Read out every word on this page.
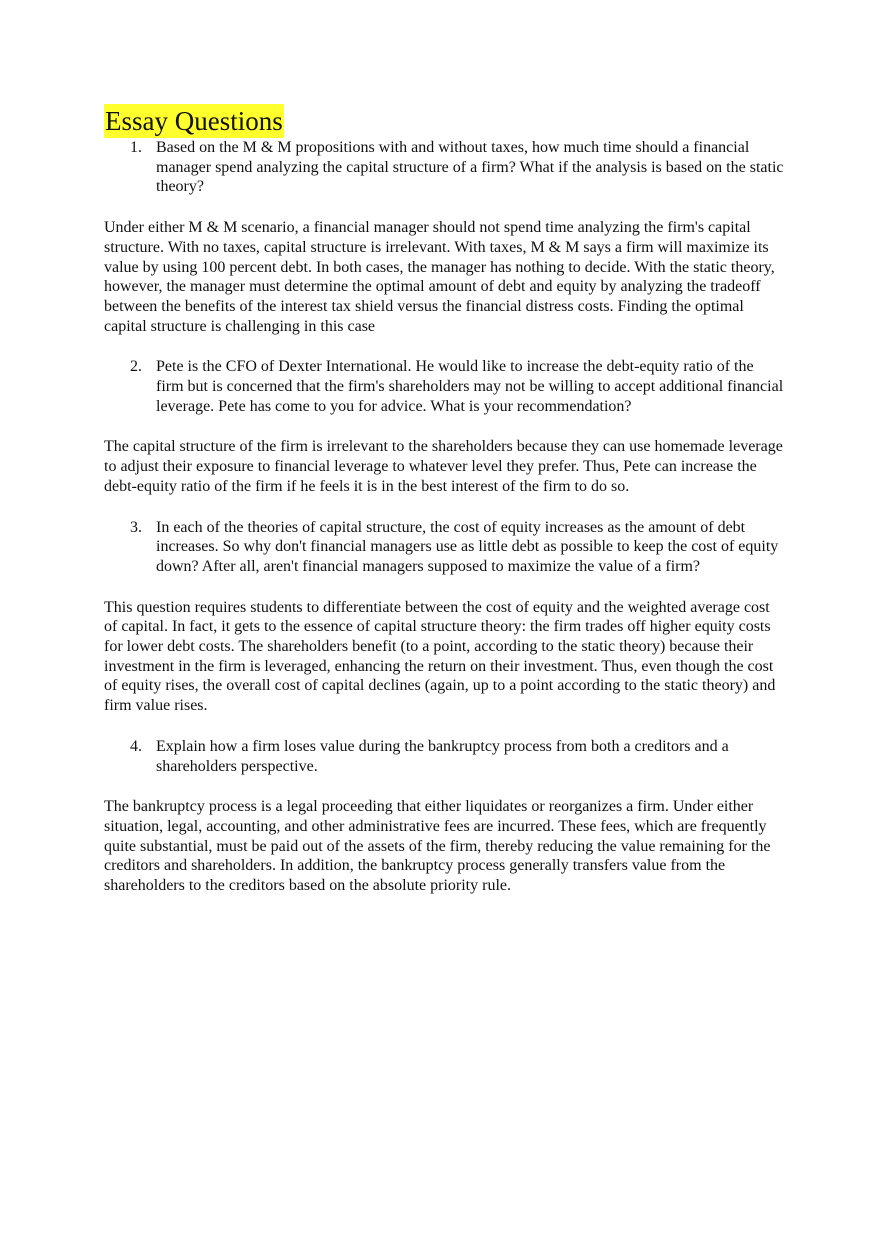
Essay Questions
1. Based on the M & M propositions with and without taxes, how much time should a financial manager spend analyzing the capital structure of a firm? What if the analysis is based on the static theory?

Under either M & M scenario, a financial manager should not spend time analyzing the firm's capital structure. With no taxes, capital structure is irrelevant. With taxes, M & M says a firm will maximize its value by using 100 percent debt. In both cases, the manager has nothing to decide. With the static theory, however, the manager must determine the optimal amount of debt and equity by analyzing the tradeoff between the benefits of the interest tax shield versus the financial distress costs. Finding the optimal capital structure is challenging in this case

2. Pete is the CFO of Dexter International. He would like to increase the debt-equity ratio of the firm but is concerned that the firm's shareholders may not be willing to accept additional financial leverage. Pete has come to you for advice. What is your recommendation?

The capital structure of the firm is irrelevant to the shareholders because they can use homemade leverage to adjust their exposure to financial leverage to whatever level they prefer. Thus, Pete can increase the debt-equity ratio of the firm if he feels it is in the best interest of the firm to do so.

3. In each of the theories of capital structure, the cost of equity increases as the amount of debt increases. So why don't financial managers use as little debt as possible to keep the cost of equity down? After all, aren't financial managers supposed to maximize the value of a firm?

This question requires students to differentiate between the cost of equity and the weighted average cost of capital. In fact, it gets to the essence of capital structure theory: the firm trades off higher equity costs for lower debt costs. The shareholders benefit (to a point, according to the static theory) because their investment in the firm is leveraged, enhancing the return on their investment. Thus, even though the cost of equity rises, the overall cost of capital declines (again, up to a point according to the static theory) and firm value rises.

4. Explain how a firm loses value during the bankruptcy process from both a creditors and a shareholders perspective.

The bankruptcy process is a legal proceeding that either liquidates or reorganizes a firm. Under either situation, legal, accounting, and other administrative fees are incurred. These fees, which are frequently quite substantial, must be paid out of the assets of the firm, thereby reducing the value remaining for the creditors and shareholders. In addition, the bankruptcy process generally transfers value from the shareholders to the creditors based on the absolute priority rule.
